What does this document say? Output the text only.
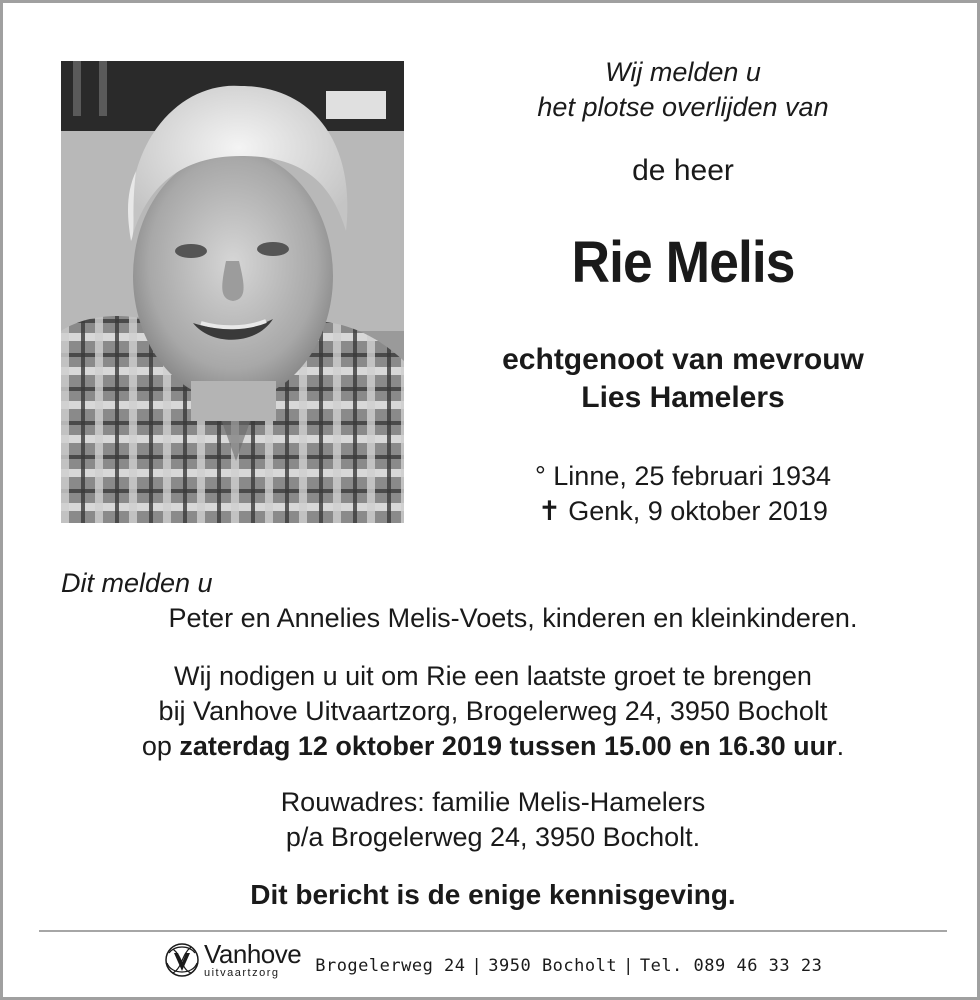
Wij melden u
het plotse overlijden van
de heer
Rie Melis
echtgenoot van mevrouw
Lies Hamelers
° Linne, 25 februari 1934
✝ Genk, 9 oktober 2019
Dit melden u
Peter en Annelies Melis-Voets, kinderen en kleinkinderen.
Wij nodigen u uit om Rie een laatste groet te brengen
bij Vanhove Uitvaartzorg, Brogelerweg 24, 3950 Bocholt
op zaterdag 12 oktober 2019 tussen 15.00 en 16.30 uur.
Rouwadres: familie Melis-Hamelers
p/a Brogelerweg 24, 3950 Bocholt.
Dit bericht is de enige kennisgeving.
Vanhove
uitvaartzorg	Brogelerweg 24 | 3950 Bocholt | Tel. 089 46 33 23
